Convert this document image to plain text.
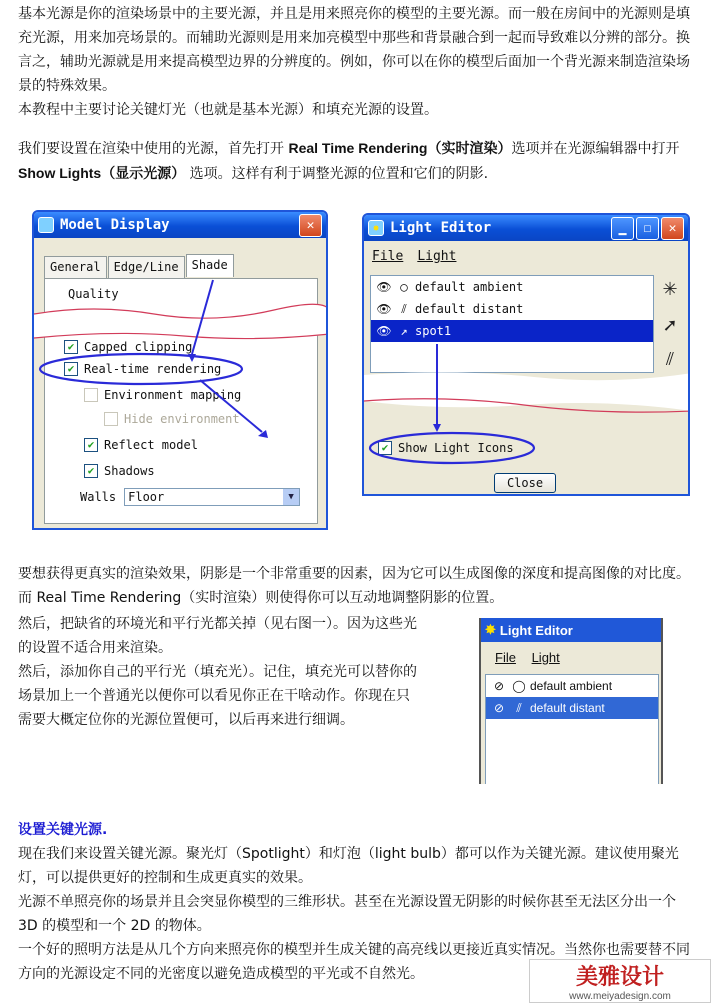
基本光源是你的渲染场景中的主要光源，并且是用来照亮你的模型的主要光源。而一般在房间中的光源则是填充光源，用来加亮场景的。而辅助光源则是用来加亮模型中那些和背景融合到一起而导致难以分辨的部分。换言之，辅助光源就是用来提高模型边界的分辨度的。例如，你可以在你的模型后面加一个背光源来制造渲染场景的特殊效果。

本教程中主要讨论关键灯光（也就是基本光源）和填充光源的设置。

我们要设置在渲染中使用的光源，首先打开 Real Time Rendering（实时渲染）选项并在光源编辑器中打开 Show Lights（显示光源） 选项。这样有利于调整光源的位置和它们的阴影.

Model Display	✕
General	Edge/Line	Shade
Quality
✔ Capped clipping
✔ Real-time rendering
Environment mapping
Hide environment
✔ Reflect model
✔ Shadows
Walls Floor	▼
✸ Light Editor	▁	☐	✕
File Light
👁 ◯ default ambient
👁 ⫽ default distant
👁 ↗ spot1
✳
➚
⫽
✔ Show Light Icons
Close

要想获得更真实的渲染效果，阴影是一个非常重要的因素，因为它可以生成图像的深度和提高图像的对比度。而 Real Time Rendering（实时渲染）则使得你可以互动地调整阴影的位置。

然后，把缺省的环境光和平行光都关掉（见右图一）。因为这些光的设置不适合用来渲染。

然后，添加你自己的平行光（填充光）。记住，填充光可以替你的场景加上一个普通光以便你可以看见你正在干啥动作。你现在只需要大概定位你的光源位置便可，以后再来进行细调。

✸ Light Editor
File Light
⊘ ◯ default ambient
⊘	⫽ default distant

设置关键光源.

现在我们来设置关键光源。聚光灯（Spotlight）和灯泡（light bulb）都可以作为关键光源。建议使用聚光灯，可以提供更好的控制和生成更真实的效果。

光源不单照亮你的场景并且会突显你模型的三维形状。甚至在光源设置无阴影的时候你甚至无法区分出一个 3D 的模型和一个 2D 的物体。

一个好的照明方法是从几个方向来照亮你的模型并生成关键的高亮线以更接近真实情况。当然你也需要替不同方向的光源设定不同的光密度以避免造成模型的平光或不自然光。	美雅设计
www.meiyadesign.com
